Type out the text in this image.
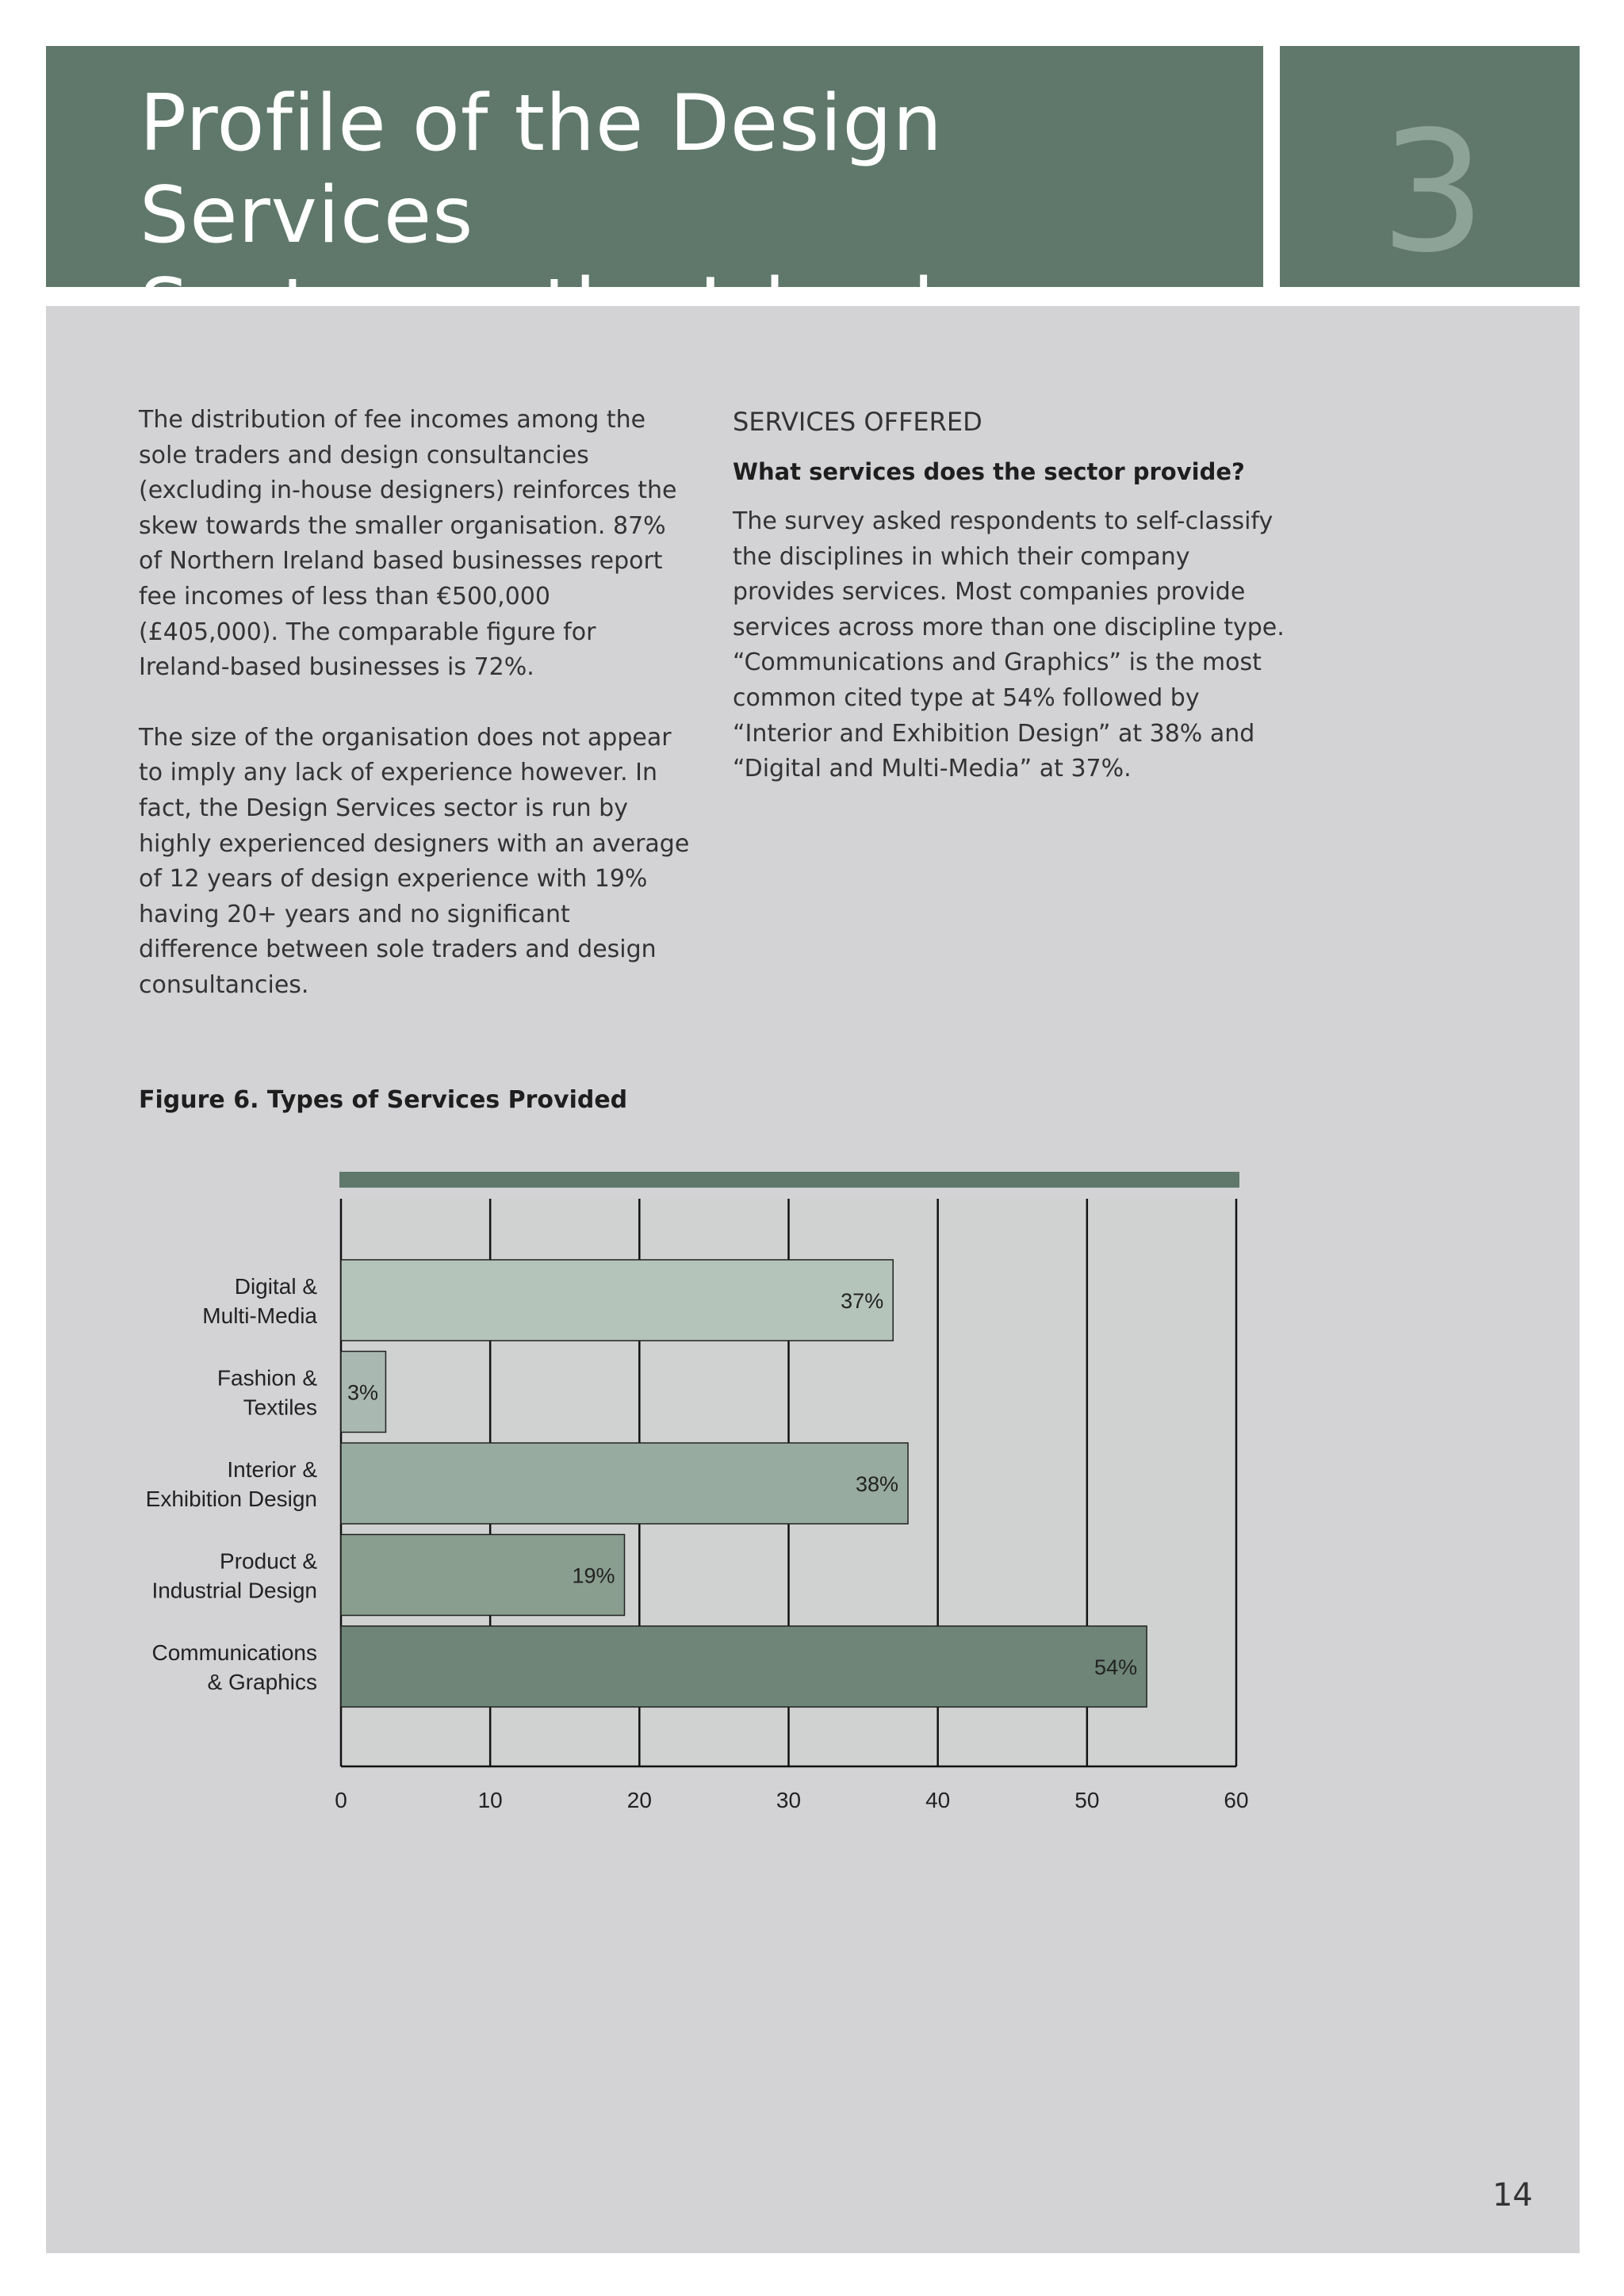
Profile of the Design Services	3

The distribution of fee incomes among the sole traders and design consultancies (excluding in-house designers) reinforces the skew towards the smaller organisation. 87% of Northern Ireland based businesses report fee incomes of less than €500,000 (£405,000). The comparable figure for Ireland-based businesses is 72%.

The size of the organisation does not appear to imply any lack of experience however. In fact, the Design Services sector is run by highly experienced designers with an average of 12 years of design experience with 19% having 20+ years and no significant difference between sole traders and design consultancies.

SERVICES OFFERED
What services does the sector provide?

The survey asked respondents to self-classify the disciplines in which their company provides services. Most companies provide services across more than one discipline type. “Communications and Graphics” is the most common cited type at 54% followed by “Interior and Exhibition Design” at 38% and “Digital and Multi-Media” at 37%.

Figure 6. Types of Services Provided
0	10	20	30	40	50	60
37%
Digital &
Multi-Media
3%
Fashion &
Textiles
38%
Interior &
Exhibition Design
19%
Product &
Industrial Design
54%
Communications
& Graphics
14
